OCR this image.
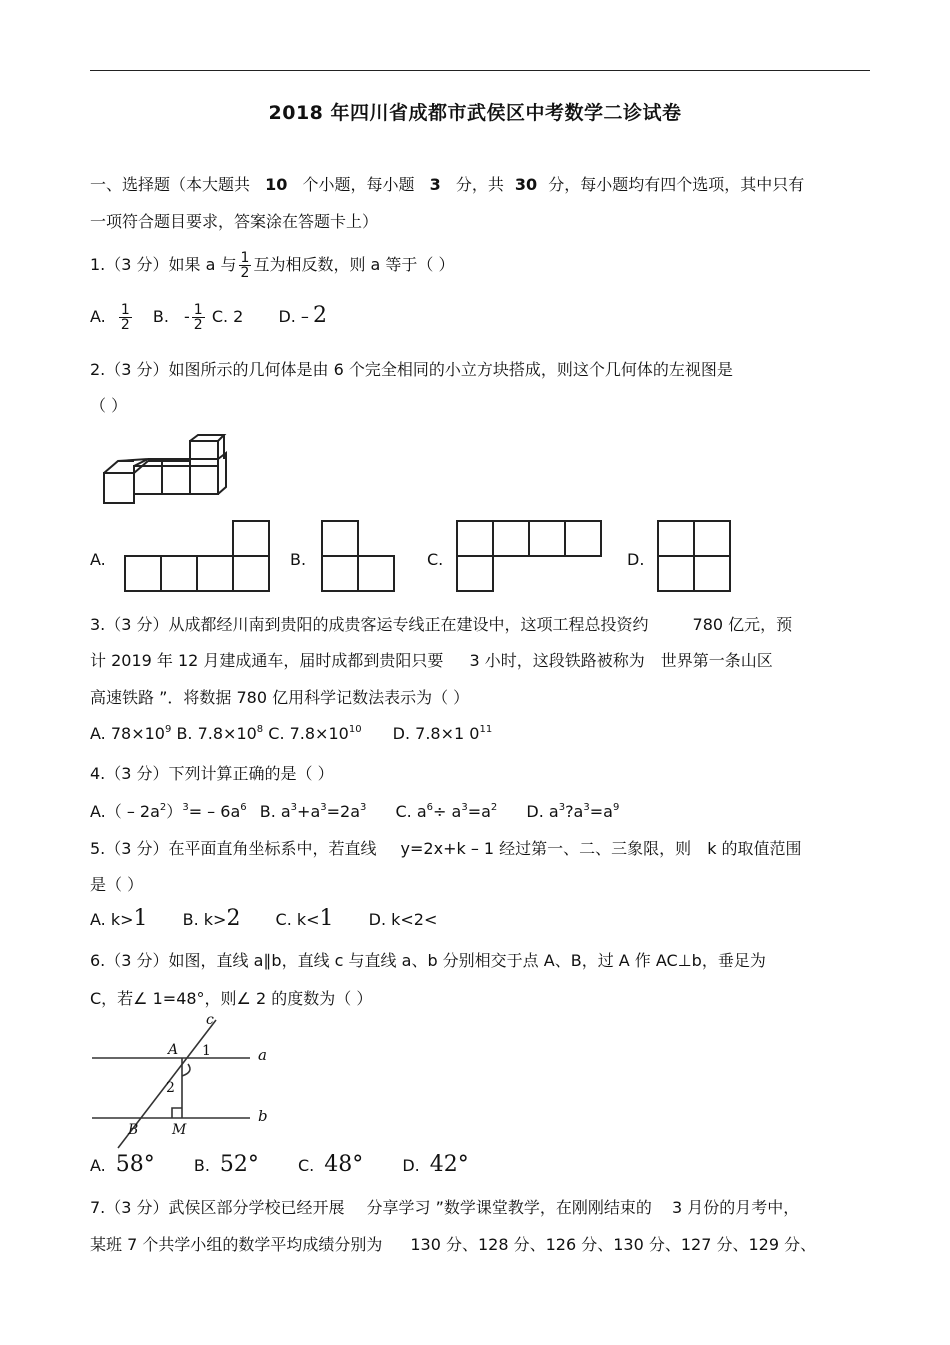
2018 年四川省成都市武侯区中考数学二诊试卷
一、选择题（本大题共 10 个小题，每小题 3 分，共 30 分，每小题均有四个选项，其中只有
一项符合题目要求，答案涂在答题卡上）
1.（3 分）如果 a 与 $\frac{1}{2}$ 互为相反数，则 a 等于（ ）
A. $\frac{1}{2} B$. - $\frac{1}{2} C$. 2 D. – 2
2.（3 分）如图所示的几何体是由 6 个完全相同的小立方块搭成，则这个几何体的左视图是
（ ）
A.	B.	C.	D.
3.（3 分）从成都经川南到贵阳的成贵客运专线正在建设中，这项工程总投资约	780 亿元，预
计 2019 年 12 月建成通车，届时成都到贵阳只要 3 小时，这段铁路被称为 世界第一条山区
高速铁路 ”．将数据 780 亿用科学记数法表示为（ ）
A. $78\times 10^9$ B. $7.8\times 10^8$ C. $7.8\times 10^{10}$ D. 7.8×1 $0^{11}$
4.（3 分）下列计算正确的是（ ）
$A.( - 2a^2)^3= - 6a^6$ B. $a^3+a^3=2a^3$ C. $a^6\div a^3=a^2$ D. $a^3?a^3=a^9$
5.（3 分）在平面直角坐标系中，若直线 y=2x+k – 1 经过第一、二、三象限，则 k 的取值范围
是（ ）
A. k>1 B. k>2 C. k<1 D. k<2<
6.（3 分）如图，直线 a∥b，直线 c 与直线 a、b 分别相交于点 A、B，过 A 作 AC⊥b，垂足为
C，若∠ 1=48°，则∠ 2 的度数为（ ）
c
A 1	a
2
b
B M
A. 58° B. 52° C. 48° D. 42°
7.（3 分）武侯区部分学校已经开展 分享学习 ”数学课堂教学，在刚刚结束的 3 月份的月考中，
某班 7 个共学小组的数学平均成绩分别为 130 分、128 分、126 分、130 分、127 分、129 分、
